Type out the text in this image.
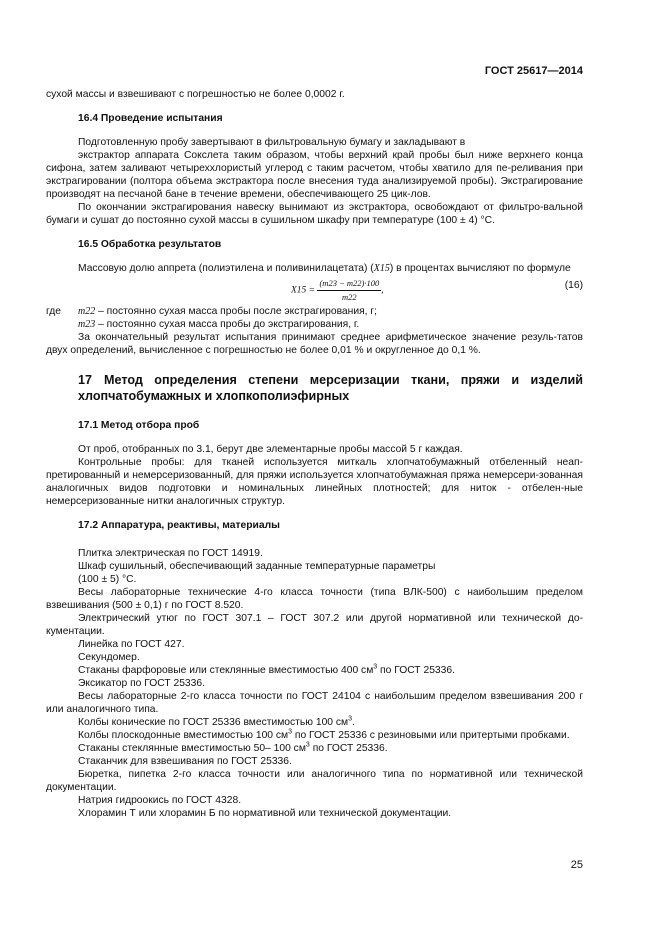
ГОСТ 25617—2014

сухой массы и взвешивают с погрешностью не более 0,0002 г.

16.4 Проведение испытания

Подготовленную пробу завертывают в фильтровальную бумагу и закладывают в

экстрактор аппарата Сокслета таким образом, чтобы верхний край пробы был ниже верхнего конца сифона, затем заливают четыреххлористый углерод с таким расчетом, чтобы хватило для пе-реливания при экстрагировании (полтора объема экстрактора после внесения туда анализируемой пробы). Экстрагирование производят на песчаной бане в течение времени, обеспечивающего 25 цик-лов.

По окончании экстрагирования навеску вынимают из экстрактора, освобождают от фильтро-вальной бумаги и сушат до постоянно сухой массы в сушильном шкафу при температуре (100 ± 4) °С.

16.5 Обработка результатов

Массовую долю аппрета (полиэтилена и поливинилацетата) (X15) в процентах вычисляют по формуле

$X15 = \frac{(m23 - m22)\cdot 100}{m22}$ ,	(16)
где	m22 – постоянно сухая масса пробы после экстрагирования, г;

m23 – постоянно сухая масса пробы до экстрагирования, г.

За окончательный результат испытания принимают среднее арифметическое значение резуль-татов двух определений, вычисленное с погрешностью не более 0,01 % и округленное до 0,1 %.

17 Метод определения степени мерсеризации ткани, пряжи и изделий хлопчатобумажных и хлопкополиэфирных

17.1 Метод отбора проб

От проб, отобранных по 3.1, берут две элементарные пробы массой 5 г каждая.

Контрольные пробы: для тканей используется миткаль хлопчатобумажный отбеленный неап-претированный и немерсеризованный, для пряжи используется хлопчатобумажная пряжа немерсери-зованная аналогичных видов подготовки и номинальных линейных плотностей; для ниток - отбелен-ные немерсеризованные нитки аналогичных структур.

17.2 Аппаратура, реактивы, материалы

Плитка электрическая по ГОСТ 14919.

Шкаф сушильный, обеспечивающий заданные температурные параметры

(100 ± 5) °С.

Весы лабораторные технические 4-го класса точности (типа ВЛК-500) с наибольшим пределом взвешивания (500 ± 0,1) г по ГОСТ 8.520.

Электрический утюг по ГОСТ 307.1 – ГОСТ 307.2 или другой нормативной или технической до-кументации.

Линейка по ГОСТ 427.

Секундомер.

Стаканы фарфоровые или стеклянные вместимостью 400 $см^3$ по ГОСТ 25336.

Эксикатор по ГОСТ 25336.

Весы лабораторные 2-го класса точности по ГОСТ 24104 с наибольшим пределом взвешивания 200 г или аналогичного типа.

Колбы конические по ГОСТ 25336 вместимостью 100 $см^3$.

Колбы плоскодонные вместимостью 100 $см^3$ по ГОСТ 25336 с резиновыми или притертыми пробками.

Стаканы стеклянные вместимостью 50– 100 $см^3$ по ГОСТ 25336.

Стаканчик для взвешивания по ГОСТ 25336.

Бюретка, пипетка 2-го класса точности или аналогичного типа по нормативной или технической документации.

Натрия гидроокись по ГОСТ 4328.

Хлорамин Т или хлорамин Б по нормативной или технической документации.

25
